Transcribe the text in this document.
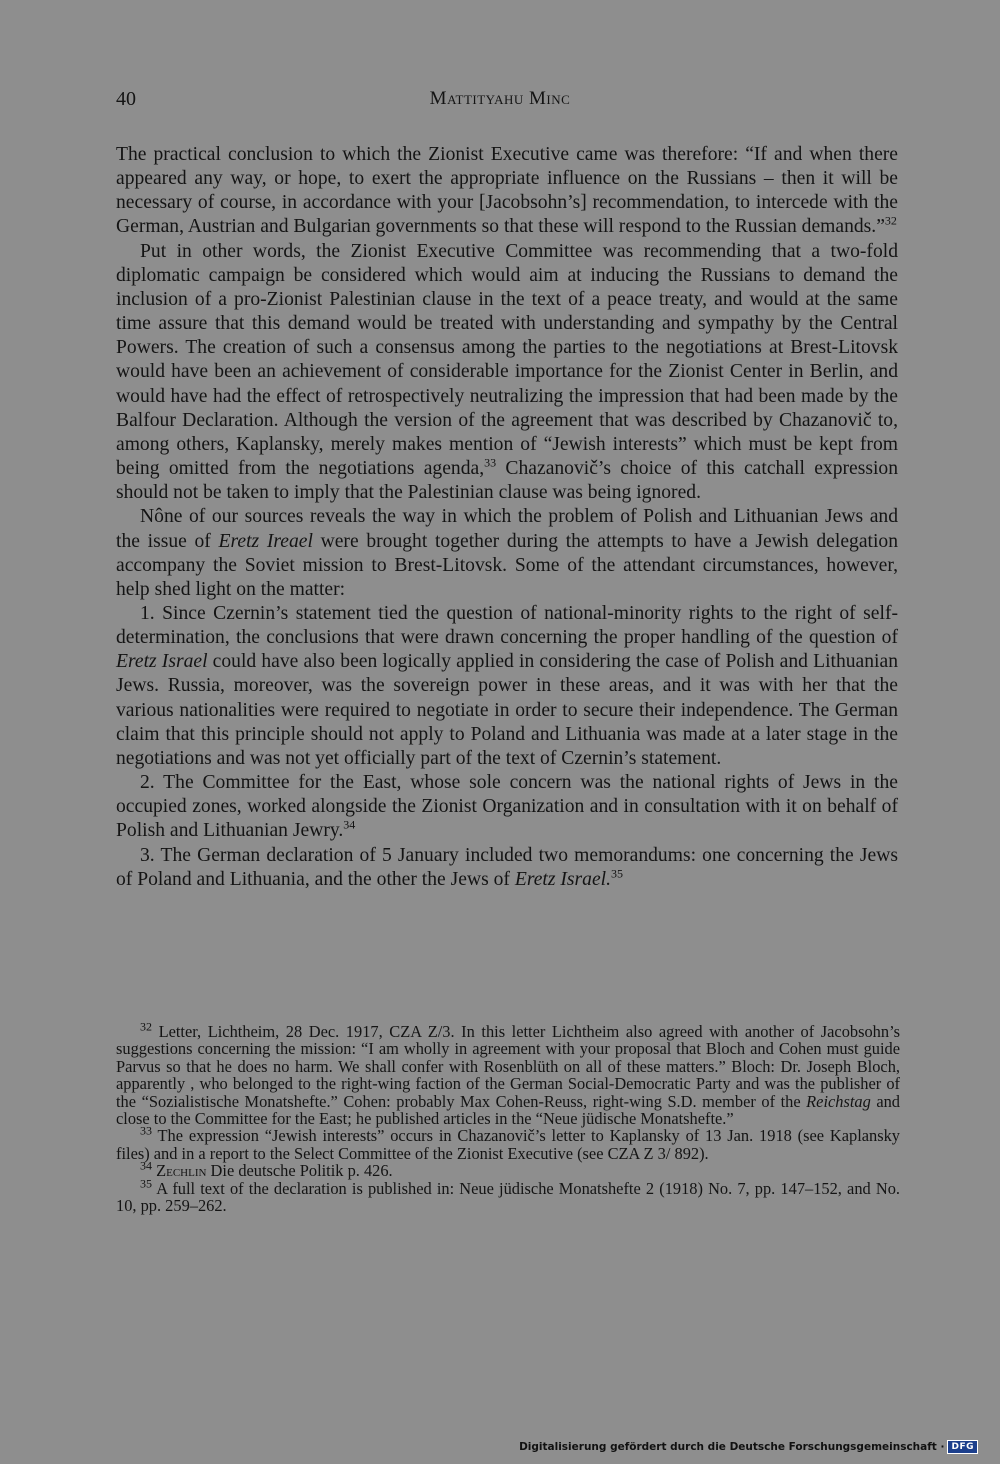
40	Mattityahu Minc

The practical conclusion to which the Zionist Executive came was therefore: “If and when there appeared any way, or hope, to exert the appropriate influence on the Russians – then it will be necessary of course, in accordance with your [Jacobsohn’s] recommendation, to intercede with the German, Austrian and Bulgarian governments so that these will respond to the Russian demands.”$^{32}$

Put in other words, the Zionist Executive Committee was recommending that a two-fold diplomatic campaign be considered which would aim at inducing the Russians to demand the inclusion of a pro-Zionist Palestinian clause in the text of a peace treaty, and would at the same time assure that this demand would be treated with understanding and sympathy by the Central Powers. The creation of such a consensus among the parties to the negotiations at Brest-Litovsk would have been an achievement of considerable importance for the Zionist Center in Berlin, and would have had the effect of retrospectively neutralizing the impression that had been made by the Balfour Declaration. Although the version of the agreement that was described by Chazanovič to, among others, Kaplansky, merely makes mention of “Jewish interests” which must be kept from being omitted from the negotiations agenda,$^{33}$ Chazanovič’s choice of this catchall expression should not be taken to imply that the Palestinian clause was being ignored.

Nône of our sources reveals the way in which the problem of Polish and Lithuanian Jews and the issue of Eretz Ireael were brought together during the attempts to have a Jewish delegation accompany the Soviet mission to Brest-Litovsk. Some of the attendant circumstances, however, help shed light on the matter:

1. Since Czernin’s statement tied the question of national-minority rights to the right of self-determination, the conclusions that were drawn concerning the proper handling of the question of Eretz Israel could have also been logically applied in considering the case of Polish and Lithuanian Jews. Russia, moreover, was the sovereign power in these areas, and it was with her that the various nationalities were required to negotiate in order to secure their independence. The German claim that this principle should not apply to Poland and Lithuania was made at a later stage in the negotiations and was not yet officially part of the text of Czernin’s statement.

2. The Committee for the East, whose sole concern was the national rights of Jews in the occupied zones, worked alongside the Zionist Organization and in consultation with it on behalf of Polish and Lithuanian Jewry.$^{34}$

3. The German declaration of 5 January included two memorandums: one concerning the Jews of Poland and Lithuania, and the other the Jews of Eretz Israel.$^{35}$

$^{32}$ Letter, Lichtheim, 28 Dec. 1917, CZA Z/3. In this letter Lichtheim also agreed with another of Jacobsohn’s suggestions concerning the mission: “I am wholly in agreement with your proposal that Bloch and Cohen must guide Parvus so that he does no harm. We shall confer with Rosenblüth on all of these matters.” Bloch: Dr. Joseph Bloch, apparently , who belonged to the right-wing faction of the German Social-Democratic Party and was the publisher of the “Sozialistische Monatshefte.” Cohen: probably Max Cohen-Reuss, right-wing S.D. member of the Reichstag and close to the Committee for the East; he published articles in the “Neue jüdische Monatshefte.”

$^{33}$ The expression “Jewish interests” occurs in Chazanovič’s letter to Kaplansky of 13 Jan. 1918 (see Kaplansky files) and in a report to the Select Committee of the Zionist Executive (see CZA Z 3/ 892).

$^{34}$ Zechlin Die deutsche Politik p. 426.

$^{35}$ A full text of the declaration is published in: Neue jüdische Monatshefte 2 (1918) No. 7, pp. 147–152, and No. 10, pp. 259–262.

Digitalisierung gefördert durch die Deutsche Forschungsgemeinschaft · DFG
